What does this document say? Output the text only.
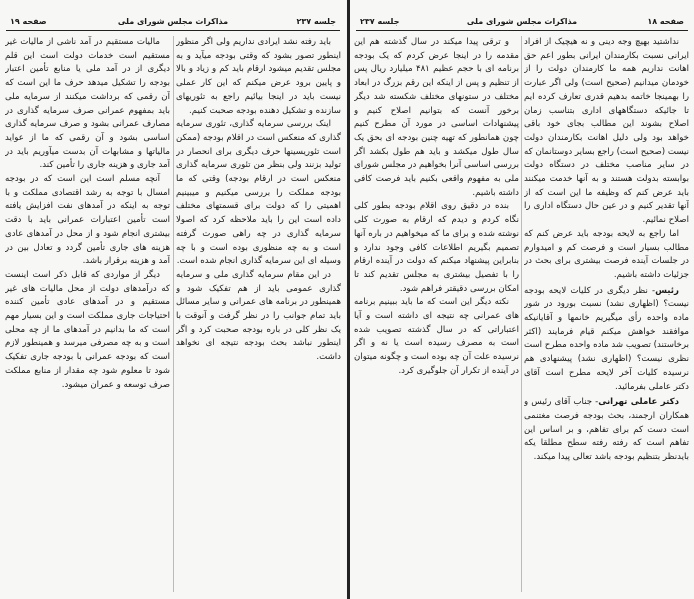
جلسه ۲۳۷
مذاکرات مجلس شورای ملی
صفحه ۱۹

باید رفته نشد ایرادی نداریم ولی اگر منظور اینطور تصور بشود که وقتی بودجه میآید و به مجلس تقدیم میشود ارقام باید کم و زیاد و بالا و پایین برود عرض میکنم که این کار عملی نیست باید در اینجا بیائیم راجع به تئوریهای سازنده و تشکیل دهنده بودجه صحبت کنیم.

اینک بررسی سرمایه گذاری، تئوری سرمایه گذاری که منعکس است در اقلام بودجه (ممکن است تئوریسینها حرف دیگری برای انحصار در تولید بزنند ولی بنظر من تئوری سرمایه گذاری منعکس است در ارقام بودجه) وقتی که ما بودجه مملکت را بررسی میکنیم و میبینیم اهمیتی را که دولت برای قسمتهای مختلف داده است این را باید ملاحظه کرد که اصولا سرمایه گذاری در چه راهی صورت گرفته است و به چه منظوری بوده است و با چه وسیله ای این سرمایه گذاری انجام شده است.

در این مقام سرمایه گذاری ملی و سرمایه گذاری عمومی باید از هم تفکیک شود و همینطور در برنامه های عمرانی و سایر مسائل باید تمام جوانب را در نظر گرفت و آنوقت با یک نظر کلی در باره بودجه صحبت کرد و اگر اینطور نباشد بحث بودجه نتیجه ای نخواهد داشت.

مالیات مستقیم در آمد ناشی از مالیات غیر مستقیم است خدمات دولت است این قلم دیگری از در آمد ملی یا منابع تأمین اعتبار بودجه را تشکیل میدهد حرف ما این است که آن رقمی که برداشت میکنند از سرمایه ملی باید بمفهوم عمرانی صرف سرمایه گذاری در مصارف عمرانی بشود و صرف سرمایه گذاری اساسی بشود و آن رقمی که ما از عواید مالیاتها و مشابهات آن بدست میآوریم باید در آمد جاری و هزینه جاری را تأمین کند.

آنچه مسلم است این است که در بودجه امسال با توجه به رشد اقتصادی مملکت و با توجه به اینکه در آمدهای نفت افزایش یافته است تأمین اعتبارات عمرانی باید با دقت بیشتری انجام شود و از محل در آمدهای عادی هزینه های جاری تأمین گردد و تعادل بین در آمد و هزینه برقرار باشد.

دیگر از مواردی که قابل ذکر است اینست که درآمدهای دولت از محل مالیات های غیر مستقیم و در آمدهای عادی تأمین کننده احتیاجات جاری مملکت است و این بسیار مهم است که ما بدانیم در آمدهای ما از چه محلی است و به چه مصرفی میرسد و همینطور لازم است که بودجه عمرانی با بودجه جاری تفکیک شود تا معلوم شود چه مقدار از منابع مملکت صرف توسعه و عمران میشود.

صفحه ۱۸
مذاکرات مجلس شورای ملی
جلسه ۲۳۷

نداشتید بهیچ وجه دینی و نه هیچیک از افراد ایرانی نسبت بکارمندان ایرانی بطور اعم حق اهانت نداریم همه ما کارمندان دولت را از خودمان میدانیم (صحیح است) ولی اگر عبارت را بهمینجا خاتمه بدهیم قدری تعارف کرده ایم تا جائیکه دستگاههای اداری بتناسب زمان اصلاح بشوند این مطالب بجای خود باقی خواهد بود ولی دلیل اهانت بکارمندان دولت نیست (صحیح است) راجع بسایر دوستانمان که در سایر مناصب مختلف در دستگاه دولت بوابسته بدولت هستند و به آنها خدمت میکنند باید عرض کنم که وظیفه ما این است که از آنها تقدیر کنیم و در عین حال دستگاه اداری را اصلاح نمائیم.

اما راجع به لایحه بودجه باید عرض کنم که مطالب بسیار است و فرصت کم و امیدوارم در جلسات آینده فرصت بیشتری برای بحث در جزئیات داشته باشیم.

رئیس- نظر دیگری در کلیات لایحه بودجه نیست؟ (اظهاری نشد) نسبت بورود در شور ماده واحده رأی میگیریم خانمها و آقایانیکه موافقند خواهش میکنم قیام فرمایند (اکثر برخاستند) تصویب شد ماده واحده مطرح است نظری نیست؟ (اظهاری نشد) پیشنهادی هم نرسیده کلیات آخر لایحه مطرح است آقای دکتر عاملی بفرمائید.

دکتر عاملی تهرانی- جناب آقای رئیس و همکاران ارجمند، بحث بودجه فرصت مغتنمی است دست کم برای تفاهم، و بر اساس این تفاهم است که رفته رفته سطح مطلقا یکه بایدنظر بتنظیم بودجه باشد تعالی پیدا میکند.

و ترقی پیدا میکند در سال گذشته هم این مقدمه را در اینجا عرض کردم که یک بودجه برنامه ای با حجم عظیم ۴۸۱ میلیارد ریال پس از تنظیم و پس از اینکه این رقم بزرگ در ابعاد مختلف در ستونهای مختلف شکسته شد دیگر برخور آنست که بتوانیم اصلاح کنیم و پیشنهادات اساسی در مورد آن مطرح کنیم چون همانطور که تهیه چنین بودجه ای بحق یک سال طول میکشد و باید هم طول بکشد اگر بررسی اساسی آنرا بخواهیم در مجلس شورای ملی به مفهوم واقعی بکنیم باید فرصت کافی داشته باشیم.

بنده در دقیق روی اقلام بودجه بطور کلی نگاه کردم و دیدم که ارقام به صورت کلی نوشته شده و برای ما که میخواهیم در باره آنها تصمیم بگیریم اطلاعات کافی وجود ندارد و بنابراین پیشنهاد میکنم که دولت در آینده ارقام را با تفصیل بیشتری به مجلس تقدیم کند تا امکان بررسی دقیقتر فراهم شود.

نکته دیگر این است که ما باید ببینیم برنامه های عمرانی چه نتیجه ای داشته است و آیا اعتباراتی که در سال گذشته تصویب شده است به مصرف رسیده است یا نه و اگر نرسیده علت آن چه بوده است و چگونه میتوان در آینده از تکرار آن جلوگیری کرد.
